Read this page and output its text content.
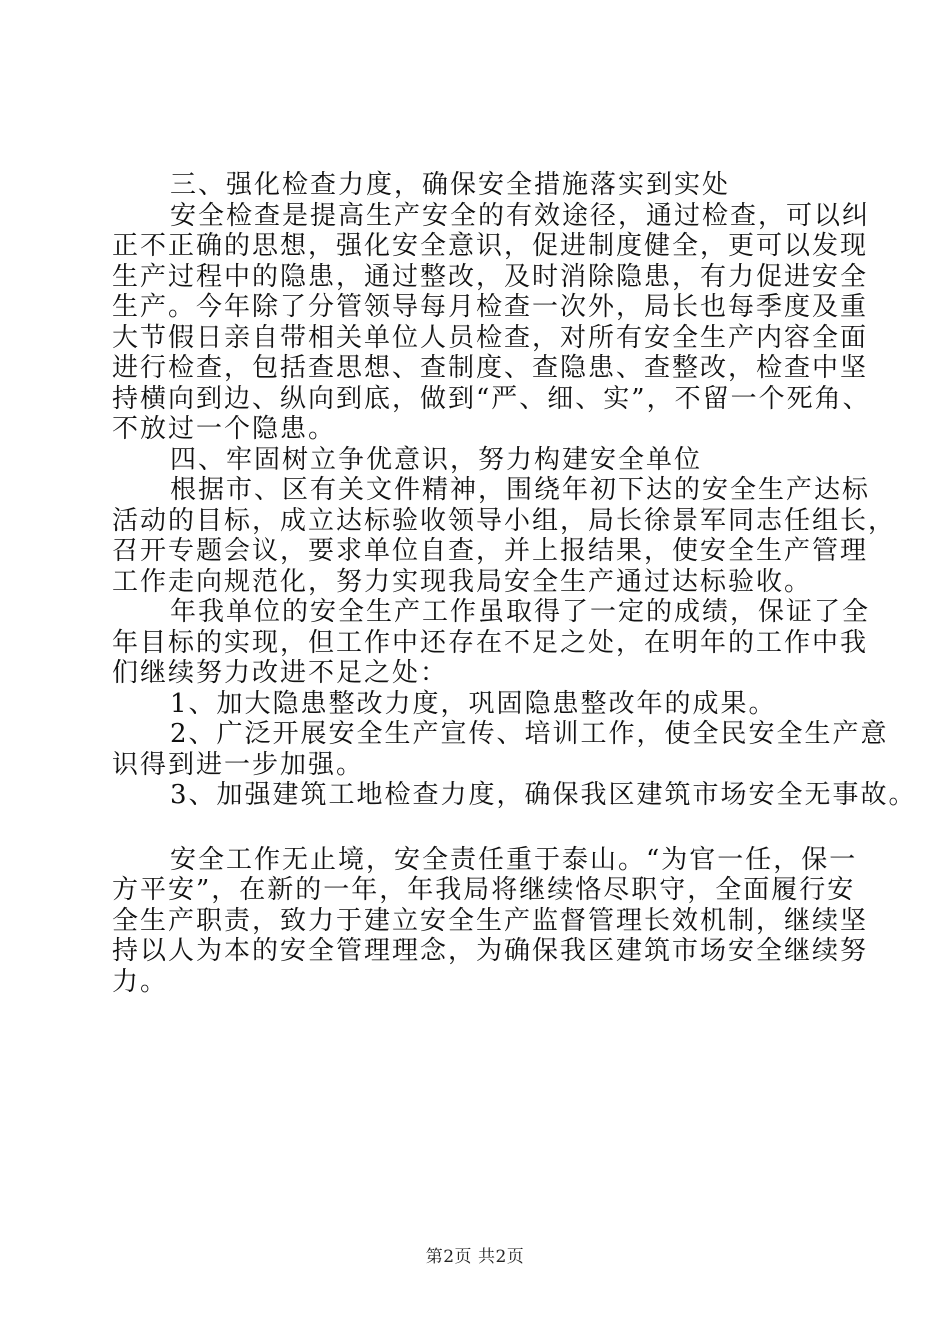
三、强化检查力度，确保安全措施落实到实处
安全检查是提高生产安全的有效途径，通过检查，可以纠
正不正确的思想，强化安全意识，促进制度健全，更可以发现
生产过程中的隐患，通过整改，及时消除隐患，有力促进安全
生产。今年除了分管领导每月检查一次外，局长也每季度及重
大节假日亲自带相关单位人员检查，对所有安全生产内容全面
进行检查，包括查思想、查制度、查隐患、查整改，检查中坚
持横向到边、纵向到底，做到“严、细、实”，不留一个死角、
不放过一个隐患。
四、牢固树立争优意识，努力构建安全单位
根据市、区有关文件精神，围绕年初下达的安全生产达标
活动的目标，成立达标验收领导小组，局长徐景军同志任组长，
召开专题会议，要求单位自查，并上报结果，使安全生产管理
工作走向规范化，努力实现我局安全生产通过达标验收。
年我单位的安全生产工作虽取得了一定的成绩，保证了全
年目标的实现，但工作中还存在不足之处，在明年的工作中我
们继续努力改进不足之处：
1、加大隐患整改力度，巩固隐患整改年的成果。
2、广泛开展安全生产宣传、培训工作，使全民安全生产意
识得到进一步加强。
3、加强建筑工地检查力度，确保我区建筑市场安全无事故。
安全工作无止境，安全责任重于泰山。“为官一任，保一
方平安”，在新的一年，年我局将继续恪尽职守，全面履行安
全生产职责，致力于建立安全生产监督管理长效机制，继续坚
持以人为本的安全管理理念，为确保我区建筑市场安全继续努
力。
第2页 共2页
